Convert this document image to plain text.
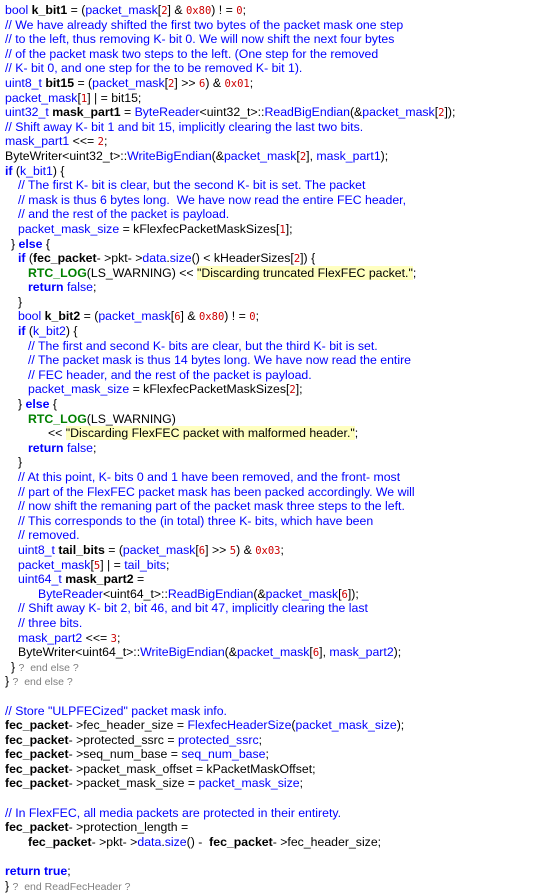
bool k_bit1 = (packet_mask[2] & 0x80) ! = 0;
// We have already shifted the first two bytes of the packet mask one step
// to the left, thus removing K- bit 0. We will now shift the next four bytes
// of the packet mask two steps to the left. (One step for the removed
// K- bit 0, and one step for the to be removed K- bit 1).
uint8_t bit15 = (packet_mask[2] >> 6) & 0x01;
packet_mask[1] | = bit15;
uint32_t mask_part1 = ByteReader<uint32_t>::ReadBigEndian(&packet_mask[2]);
// Shift away K- bit 1 and bit 15, implicitly clearing the last two bits.
mask_part1 <<= 2;
ByteWriter<uint32_t>::WriteBigEndian(&packet_mask[2], mask_part1);
if (k_bit1) {
// The first K- bit is clear, but the second K- bit is set. The packet
// mask is thus 6 bytes long.  We have now read the entire FEC header,
// and the rest of the packet is payload.
packet_mask_size = kFlexfecPacketMaskSizes[1];
} else {
if (fec_packet- >pkt- >data.size() < kHeaderSizes[2]) {
RTC_LOG(LS_WARNING) << "Discarding truncated FlexFEC packet.";
return false;
}
bool k_bit2 = (packet_mask[6] & 0x80) ! = 0;
if (k_bit2) {
// The first and second K- bits are clear, but the third K- bit is set.
// The packet mask is thus 14 bytes long. We have now read the entire
// FEC header, and the rest of the packet is payload.
packet_mask_size = kFlexfecPacketMaskSizes[2];
} else {
RTC_LOG(LS_WARNING)
<< "Discarding FlexFEC packet with malformed header.";
return false;
}
// At this point, K- bits 0 and 1 have been removed, and the front- most
// part of the FlexFEC packet mask has been packed accordingly. We will
// now shift the remaning part of the packet mask three steps to the left.
// This corresponds to the (in total) three K- bits, which have been
// removed.
uint8_t tail_bits = (packet_mask[6] >> 5) & 0x03;
packet_mask[5] | = tail_bits;
uint64_t mask_part2 =
ByteReader<uint64_t>::ReadBigEndian(&packet_mask[6]);
// Shift away K- bit 2, bit 46, and bit 47, implicitly clearing the last
// three bits.
mask_part2 <<= 3;
ByteWriter<uint64_t>::WriteBigEndian(&packet_mask[6], mask_part2);
} ?  end else ?
} ?  end else ?
// Store "ULPFECized" packet mask info.
fec_packet- >fec_header_size = FlexfecHeaderSize(packet_mask_size);
fec_packet- >protected_ssrc = protected_ssrc;
fec_packet- >seq_num_base = seq_num_base;
fec_packet- >packet_mask_offset = kPacketMaskOffset;
fec_packet- >packet_mask_size = packet_mask_size;
// In FlexFEC, all media packets are protected in their entirety.
fec_packet- >protection_length =
fec_packet- >pkt- >data.size() -  fec_packet- >fec_header_size;
return true;
} ?  end ReadFecHeader ?
